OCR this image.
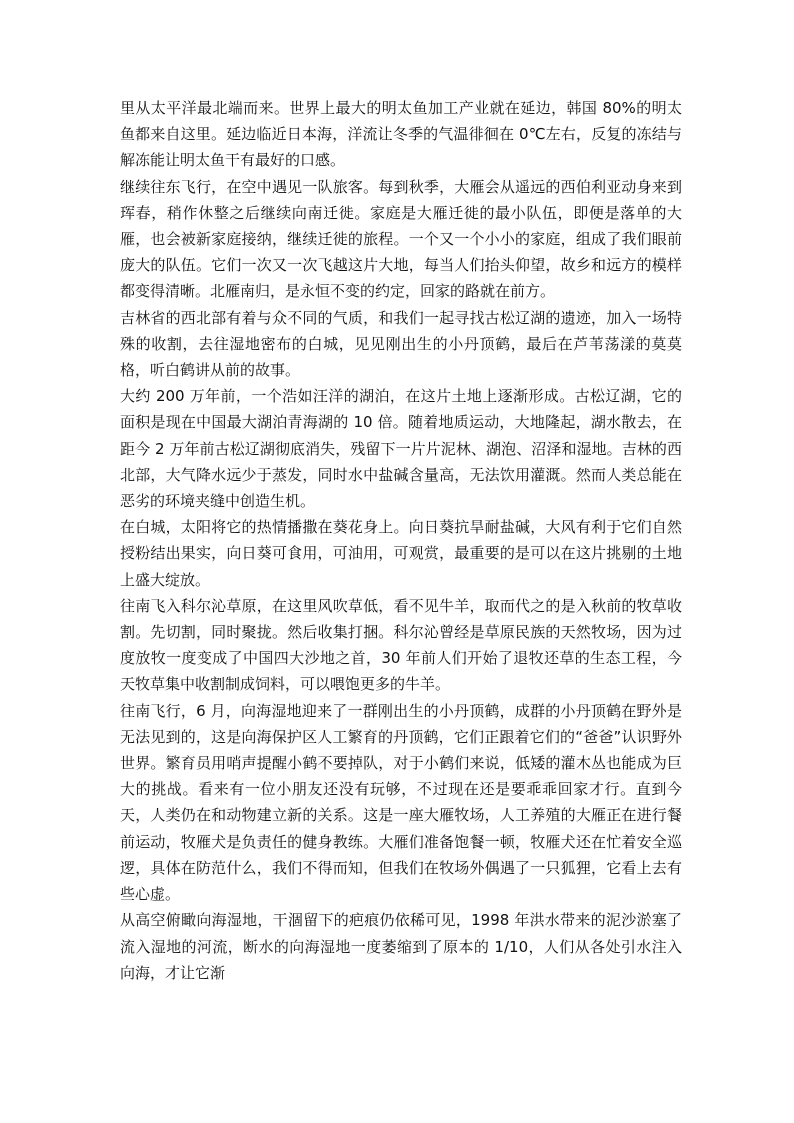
里从太平洋最北端而来。世界上最大的明太鱼加工产业就在延边，韩国 80%的明太鱼都来自这里。延边临近日本海，洋流让冬季的气温徘徊在 0℃左右，反复的冻结与解冻能让明太鱼干有最好的口感。

继续往东飞行，在空中遇见一队旅客。每到秋季，大雁会从遥远的西伯利亚动身来到珲春，稍作休整之后继续向南迁徙。家庭是大雁迁徙的最小队伍，即便是落单的大雁，也会被新家庭接纳，继续迁徙的旅程。一个又一个小小的家庭，组成了我们眼前庞大的队伍。它们一次又一次飞越这片大地，每当人们抬头仰望，故乡和远方的模样都变得清晰。北雁南归，是永恒不变的约定，回家的路就在前方。

吉林省的西北部有着与众不同的气质，和我们一起寻找古松辽湖的遗迹，加入一场特殊的收割，去往湿地密布的白城，见见刚出生的小丹顶鹤，最后在芦苇荡漾的莫莫格，听白鹤讲从前的故事。

大约 200 万年前，一个浩如汪洋的湖泊，在这片土地上逐渐形成。古松辽湖，它的面积是现在中国最大湖泊青海湖的 10 倍。随着地质运动，大地隆起，湖水散去，在距今 2 万年前古松辽湖彻底消失，残留下一片片泥林、湖泡、沼泽和湿地。吉林的西北部，大气降水远少于蒸发，同时水中盐碱含量高，无法饮用灌溉。然而人类总能在恶劣的环境夹缝中创造生机。

在白城，太阳将它的热情播撒在葵花身上。向日葵抗旱耐盐碱，大风有利于它们自然授粉结出果实，向日葵可食用，可油用，可观赏，最重要的是可以在这片挑剔的土地上盛大绽放。

往南飞入科尔沁草原，在这里风吹草低，看不见牛羊，取而代之的是入秋前的牧草收割。先切割，同时聚拢。然后收集打捆。科尔沁曾经是草原民族的天然牧场，因为过度放牧一度变成了中国四大沙地之首，30 年前人们开始了退牧还草的生态工程，今天牧草集中收割制成饲料，可以喂饱更多的牛羊。

往南飞行，6 月，向海湿地迎来了一群刚出生的小丹顶鹤，成群的小丹顶鹤在野外是无法见到的，这是向海保护区人工繁育的丹顶鹤，它们正跟着它们的“爸爸”认识野外世界。繁育员用哨声提醒小鹤不要掉队，对于小鹤们来说，低矮的灌木丛也能成为巨大的挑战。看来有一位小朋友还没有玩够，不过现在还是要乖乖回家才行。直到今天，人类仍在和动物建立新的关系。这是一座大雁牧场，人工养殖的大雁正在进行餐前运动，牧雁犬是负责任的健身教练。大雁们准备饱餐一顿，牧雁犬还在忙着安全巡逻，具体在防范什么，我们不得而知，但我们在牧场外偶遇了一只狐狸，它看上去有些心虚。

从高空俯瞰向海湿地，干涸留下的疤痕仍依稀可见，1998 年洪水带来的泥沙淤塞了流入湿地的河流，断水的向海湿地一度萎缩到了原本的 1/10，人们从各处引水注入向海，才让它渐
